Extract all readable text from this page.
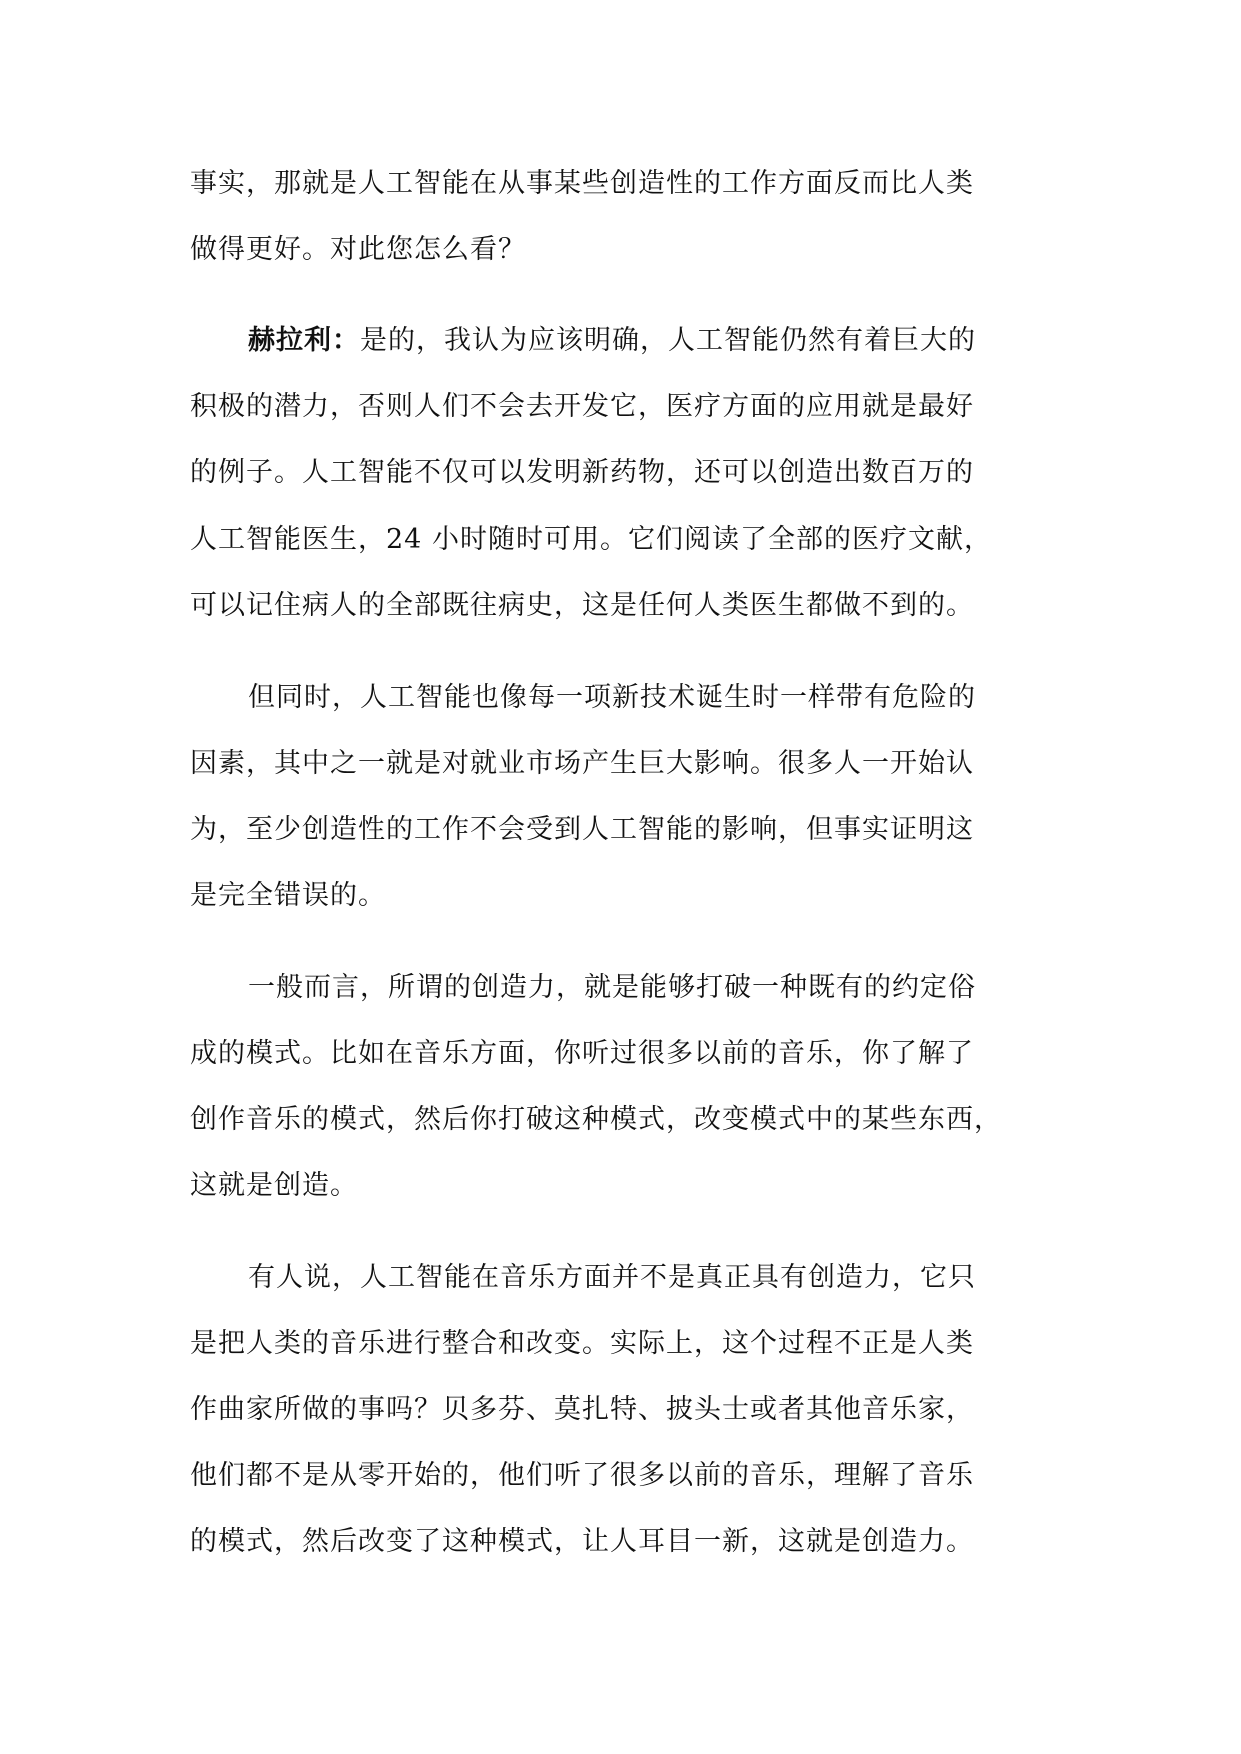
事实，那就是人工智能在从事某些创造性的工作方面反而比人类
做得更好。对此您怎么看？
赫拉利：是的，我认为应该明确，人工智能仍然有着巨大的
积极的潜力，否则人们不会去开发它，医疗方面的应用就是最好
的例子。人工智能不仅可以发明新药物，还可以创造出数百万的
人工智能医生，24 小时随时可用。它们阅读了全部的医疗文献，
可以记住病人的全部既往病史，这是任何人类医生都做不到的。
但同时，人工智能也像每一项新技术诞生时一样带有危险的
因素，其中之一就是对就业市场产生巨大影响。很多人一开始认
为，至少创造性的工作不会受到人工智能的影响，但事实证明这
是完全错误的。
一般而言，所谓的创造力，就是能够打破一种既有的约定俗
成的模式。比如在音乐方面，你听过很多以前的音乐，你了解了
创作音乐的模式，然后你打破这种模式，改变模式中的某些东西，
这就是创造。
有人说，人工智能在音乐方面并不是真正具有创造力，它只
是把人类的音乐进行整合和改变。实际上，这个过程不正是人类
作曲家所做的事吗？贝多芬、莫扎特、披头士或者其他音乐家，
他们都不是从零开始的，他们听了很多以前的音乐，理解了音乐
的模式，然后改变了这种模式，让人耳目一新，这就是创造力。
